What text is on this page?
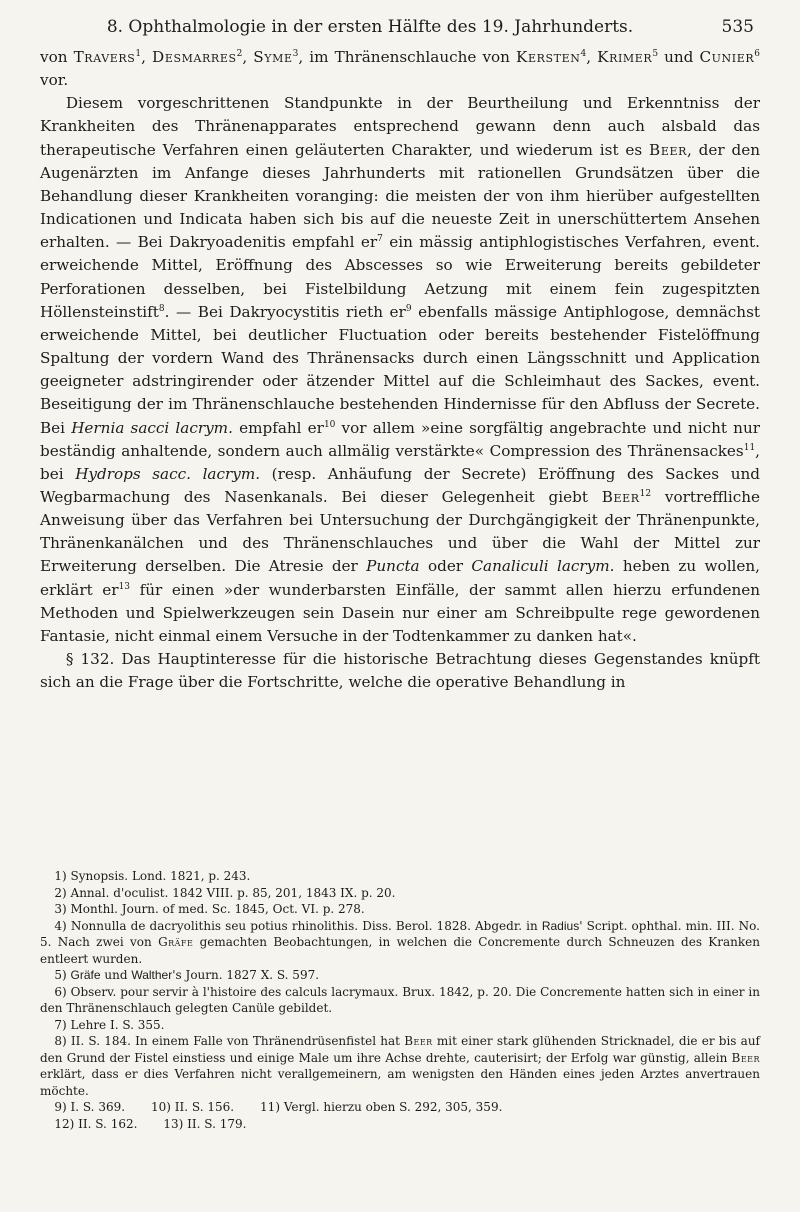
8. Ophthalmologie in der ersten Hälfte des 19. Jahrhunderts.	535

von Travers$^1$, Desmarres$^2$, Syme$^3$, im Thränenschlauche von Kersten$^4$, Krimer$^5$ und Cunier$^6$ vor.

Diesem vorgeschrittenen Standpunkte in der Beurtheilung und Erkenntniss der Krankheiten des Thränenapparates entsprechend gewann denn auch alsbald das therapeutische Verfahren einen geläuterten Charakter, und wiederum ist es Beer, der den Augenärzten im Anfange dieses Jahrhunderts mit rationellen Grundsätzen über die Behandlung dieser Krankheiten voranging: die meisten der von ihm hierüber aufgestellten Indicationen und Indicata haben sich bis auf die neueste Zeit in unerschüttertem Ansehen erhalten. — Bei Dakryoadenitis empfahl $er^7$ ein mässig antiphlogistisches Verfahren, event. erweichende Mittel, Eröffnung des Abscesses so wie Erweiterung bereits gebildeter Perforationen desselben, bei Fistelbildung Aetzung mit einem fein zugespitzten Höllensteinstift$^8$. — Bei Dakryocystitis rieth $er^9$ ebenfalls mässige Antiphlogose, demnächst erweichende Mittel, bei deutlicher Fluctuation oder bereits bestehender Fistelöffnung Spaltung der vordern Wand des Thränensacks durch einen Längsschnitt und Application geeigneter adstringirender oder ätzender Mittel auf die Schleimhaut des Sackes, event. Beseitigung der im Thränenschlauche bestehenden Hindernisse für den Abfluss der Secrete. Bei Hernia sacci lacrym. empfahl $er^{10}$ vor allem »eine sorgfältig angebrachte und nicht nur beständig anhaltende, sondern auch allmälig verstärkte« Compression des Thränensackes$^{11}$, bei Hydrops sacc. lacrym. (resp. Anhäufung der Secrete) Eröffnung des Sackes und Wegbarmachung des Nasenkanals. Bei dieser Gelegenheit giebt Beer$^{12}$ vortreffliche Anweisung über das Verfahren bei Untersuchung der Durchgängigkeit der Thränenpunkte, Thränenkanälchen und des Thränenschlauches und über die Wahl der Mittel zur Erweiterung derselben. Die Atresie der Puncta oder Canaliculi lacrym. heben zu wollen, erklärt $er^{13}$ für einen »der wunderbarsten Einfälle, der sammt allen hierzu erfundenen Methoden und Spielwerkzeugen sein Dasein nur einer am Schreibpulte rege gewordenen Fantasie, nicht einmal einem Versuche in der Todtenkammer zu danken hat«.

§ 132. Das Hauptinteresse für die historische Betrachtung dieses Gegenstandes knüpft sich an die Frage über die Fortschritte, welche die operative Behandlung in

1) Synopsis. Lond. 1821, p. 243.

2) Annal. d'oculist. 1842 VIII. p. 85, 201, 1843 IX. p. 20.

3) Monthl. Journ. of med. Sc. 1845, Oct. VI. p. 278.

4) Nonnulla de dacryolithis seu potius rhinolithis. Diss. Berol. 1828. Abgedr. in Radius' Script. ophthal. min. III. No. 5. Nach zwei von Gräfe gemachten Beobachtungen, in welchen die Concremente durch Schneuzen des Kranken entleert wurden.

5) Gräfe und Walther's Journ. 1827 X. S. 597.

6) Observ. pour servir à l'histoire des calculs lacrymaux. Brux. 1842, p. 20. Die Concremente hatten sich in einer in den Thränenschlauch gelegten Canüle gebildet.

7) Lehre I. S. 355.

8) II. S. 184. In einem Falle von Thränendrüsenfistel hat Beer mit einer stark glühenden Stricknadel, die er bis auf den Grund der Fistel einstiess und einige Male um ihre Achse drehte, cauterisirt; der Erfolg war günstig, allein Beer erklärt, dass er dies Verfahren nicht verallgemeinern, am wenigsten den Händen eines jeden Arztes anvertrauen möchte.

9) I. S. 369. 10) II. S. 156. 11) Vergl. hierzu oben S. 292, 305, 359.
12) II. S. 162. 13) II. S. 179.
